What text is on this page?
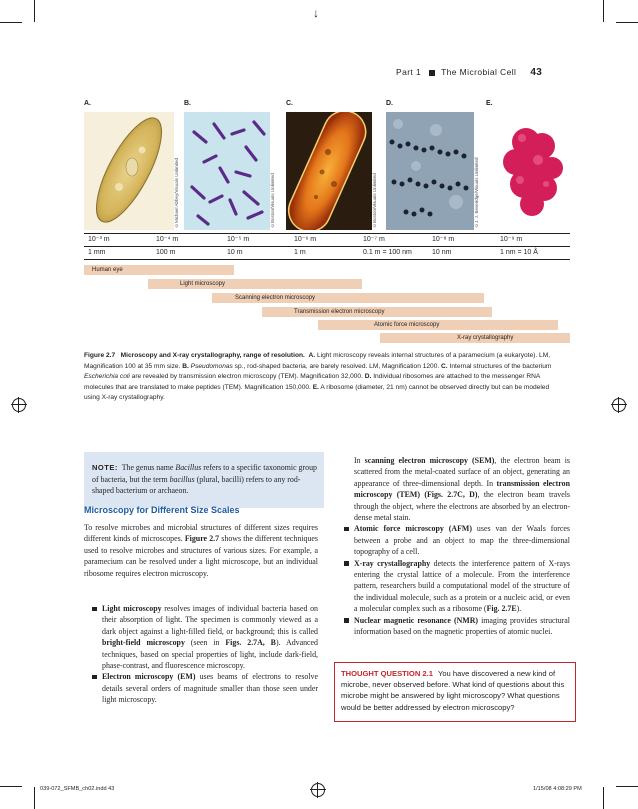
↓
Part 1 The Microbial Cell 43
A.	B.	C.	D.	E.
©Michael Abbey/Visuals Unlimited	©Boston/Visuals Unlimited	©Boston/Visuals Unlimited	©J. J. Beveridge/Visuals Unlimited
10⁻³ m	10⁻⁴ m	10⁻⁵ m	10⁻⁶ m	10⁻⁷ m	10⁻⁸ m	10⁻⁹ m
1 mm	100 m	10 m	1 m	0.1 m = 100 nm	10 nm	1 nm = 10 Å
Human eye
Light microscopy
Scanning electron microscopy
Transmission electron microscopy
Atomic force microscopy
X-ray crystallography
Figure 2.7 Microscopy and X-ray crystallography, range of resolution. A. Light microscopy reveals internal structures of a paramecium (a eukaryote). LM, Magnification 100 at 35 mm size. B. Pseudomonas sp., rod-shaped bacteria, are barely resolved. LM, Magnification 1200. C. Internal structures of the bacterium Escherichia coli are revealed by transmission electron microscopy (TEM). Magnification 32,000. D. Individual ribosomes are attached to the messenger RNA molecules that are translated to make peptides (TEM). Magnification 150,000. E. A ribosome (diameter, 21 nm) cannot be observed directly but can be modeled using X-ray crystallography.
NOTE: The genus name Bacillus refers to a specific taxonomic group of bacteria, but the term bacillus (plural, bacilli) refers to any rod-shaped bacterium or archaeon.
Microscopy for Different Size Scales
To resolve microbes and microbial structures of different sizes requires different kinds of microscopes. Figure 2.7 shows the different techniques used to resolve microbes and structures of various sizes. For example, a paramecium can be resolved under a light microscope, but an individual ribosome requires electron microscopy.
Light microscopy resolves images of individual bacteria based on their absorption of light. The specimen is commonly viewed as a dark object against a light-filled field, or background; this is called bright-field microscopy (seen in Figs. 2.7A, B). Advanced techniques, based on special properties of light, include dark-field, phase-contrast, and fluorescence microscopy.
Electron microscopy (EM) uses beams of electrons to resolve details several orders of magnitude smaller than those seen under light microscopy.
In scanning electron microscopy (SEM), the electron beam is scattered from the metal-coated surface of an object, generating an appearance of three-dimensional depth. In transmission electron microscopy (TEM) (Figs. 2.7C, D), the electron beam travels through the object, where the electrons are absorbed by an electron-dense metal stain.
Atomic force microscopy (AFM) uses van der Waals forces between a probe and an object to map the three-dimensional topography of a cell.
X-ray crystallography detects the interference pattern of X-rays entering the crystal lattice of a molecule. From the interference pattern, researchers build a computational model of the structure of the individual molecule, such as a protein or a nucleic acid, or even a molecular complex such as a ribosome (Fig. 2.7E).
Nuclear magnetic resonance (NMR) imaging provides structural information based on the magnetic properties of atomic nuclei.
THOUGHT QUESTION 2.1 You have discovered a new kind of microbe, never observed before. What kind of questions about this microbe might be answered by light microscopy? What questions would be better addressed by electron microscopy?
039-072_SFMB_ch02.indd 43	1/15/08 4:08:29 PM
